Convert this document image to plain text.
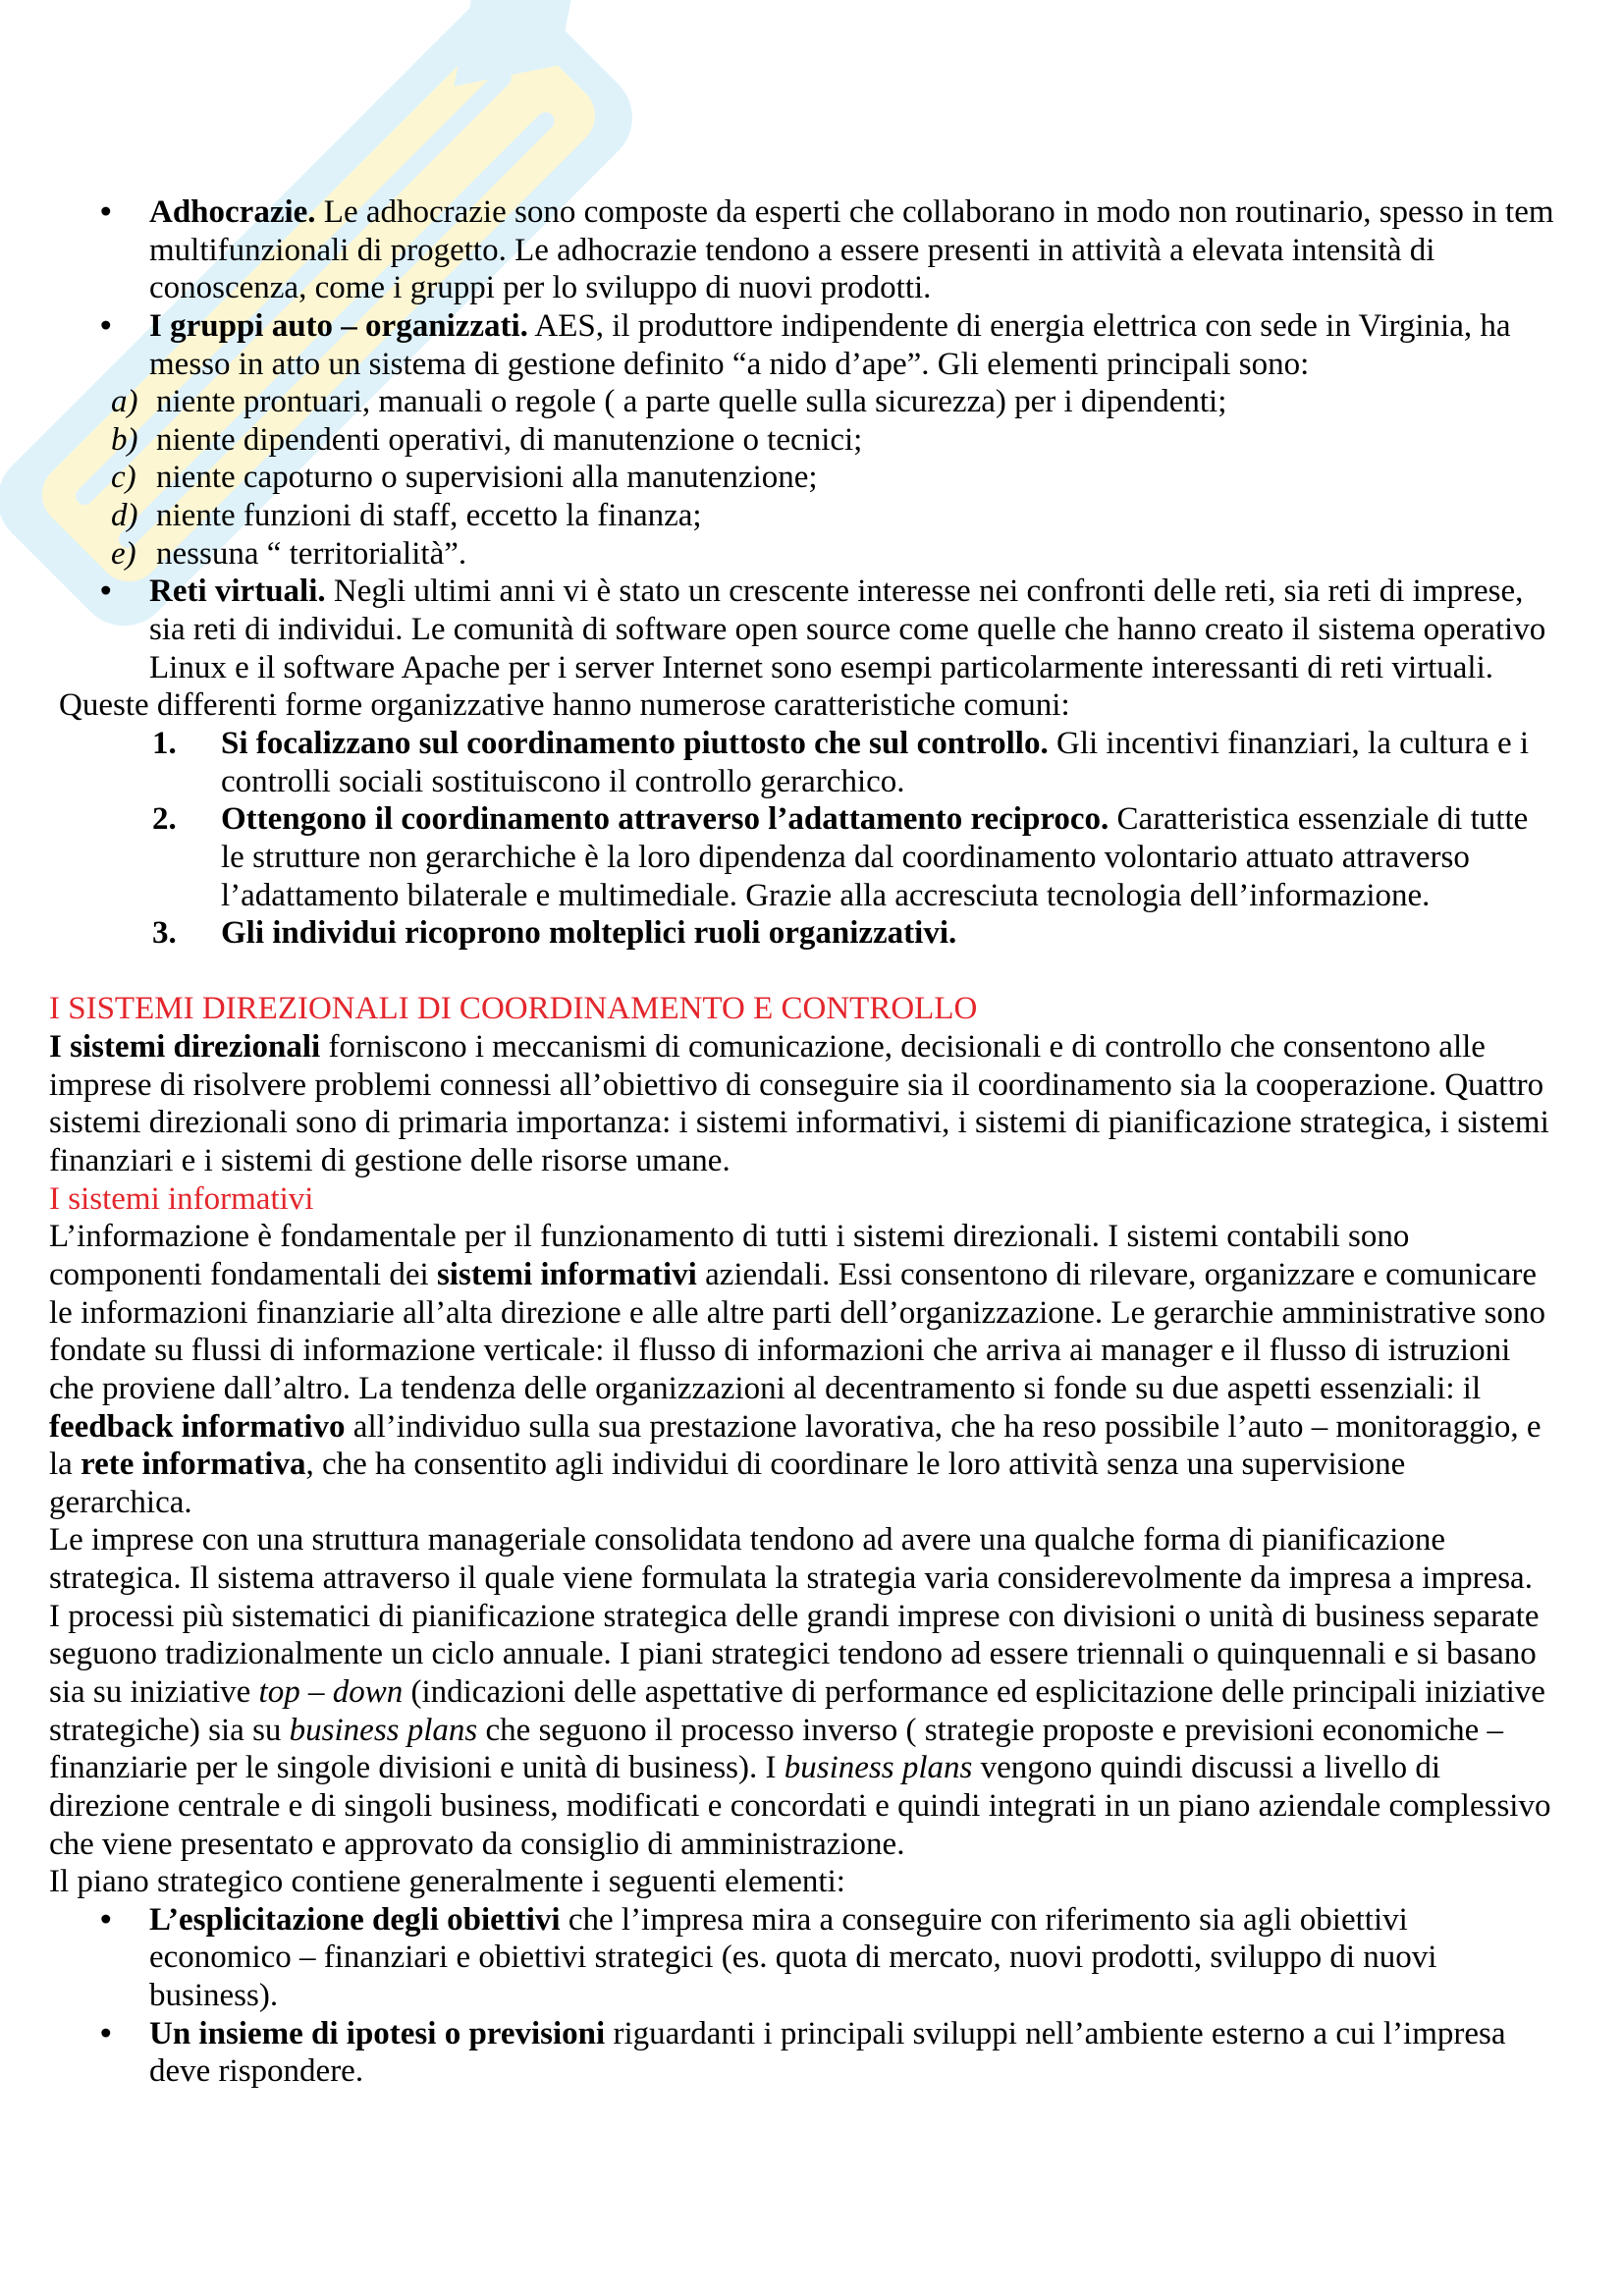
• Adhocrazie. Le adhocrazie sono composte da esperti che collaborano in modo non routinario, spesso in tem
multifunzionali di progetto. Le adhocrazie tendono a essere presenti in attività a elevata intensità di
conoscenza, come i gruppi per lo sviluppo di nuovi prodotti.
• I gruppi auto – organizzati. AES, il produttore indipendente di energia elettrica con sede in Virginia, ha
messo in atto un sistema di gestione definito “a nido d’ape”. Gli elementi principali sono:
a) niente prontuari, manuali o regole ( a parte quelle sulla sicurezza) per i dipendenti;
b) niente dipendenti operativi, di manutenzione o tecnici;
c) niente capoturno o supervisioni alla manutenzione;
d) niente funzioni di staff, eccetto la finanza;
e) nessuna “ territorialità”.
• Reti virtuali. Negli ultimi anni vi è stato un crescente interesse nei confronti delle reti, sia reti di imprese,
sia reti di individui. Le comunità di software open source come quelle che hanno creato il sistema operativo
Linux e il software Apache per i server Internet sono esempi particolarmente interessanti di reti virtuali.
Queste differenti forme organizzative hanno numerose caratteristiche comuni:
1. Si focalizzano sul coordinamento piuttosto che sul controllo. Gli incentivi finanziari, la cultura e i
controlli sociali sostituiscono il controllo gerarchico.
2. Ottengono il coordinamento attraverso l’adattamento reciproco. Caratteristica essenziale di tutte
le strutture non gerarchiche è la loro dipendenza dal coordinamento volontario attuato attraverso
l’adattamento bilaterale e multimediale. Grazie alla accresciuta tecnologia dell’informazione.
3. Gli individui ricoprono molteplici ruoli organizzativi.
I SISTEMI DIREZIONALI DI COORDINAMENTO E CONTROLLO
I sistemi direzionali forniscono i meccanismi di comunicazione, decisionali e di controllo che consentono alle
imprese di risolvere problemi connessi all’obiettivo di conseguire sia il coordinamento sia la cooperazione. Quattro
sistemi direzionali sono di primaria importanza: i sistemi informativi, i sistemi di pianificazione strategica, i sistemi
finanziari e i sistemi di gestione delle risorse umane.
I sistemi informativi
L’informazione è fondamentale per il funzionamento di tutti i sistemi direzionali. I sistemi contabili sono
componenti fondamentali dei sistemi informativi aziendali. Essi consentono di rilevare, organizzare e comunicare
le informazioni finanziarie all’alta direzione e alle altre parti dell’organizzazione. Le gerarchie amministrative sono
fondate su flussi di informazione verticale: il flusso di informazioni che arriva ai manager e il flusso di istruzioni
che proviene dall’altro. La tendenza delle organizzazioni al decentramento si fonde su due aspetti essenziali: il
feedback informativo all’individuo sulla sua prestazione lavorativa, che ha reso possibile l’auto – monitoraggio, e
la rete informativa, che ha consentito agli individui di coordinare le loro attività senza una supervisione
gerarchica.
Le imprese con una struttura manageriale consolidata tendono ad avere una qualche forma di pianificazione
strategica. Il sistema attraverso il quale viene formulata la strategia varia considerevolmente da impresa a impresa.
I processi più sistematici di pianificazione strategica delle grandi imprese con divisioni o unità di business separate
seguono tradizionalmente un ciclo annuale. I piani strategici tendono ad essere triennali o quinquennali e si basano
sia su iniziative top – down (indicazioni delle aspettative di performance ed esplicitazione delle principali iniziative
strategiche) sia su business plans che seguono il processo inverso ( strategie proposte e previsioni economiche –
finanziarie per le singole divisioni e unità di business). I business plans vengono quindi discussi a livello di
direzione centrale e di singoli business, modificati e concordati e quindi integrati in un piano aziendale complessivo
che viene presentato e approvato da consiglio di amministrazione.
Il piano strategico contiene generalmente i seguenti elementi:
• L’esplicitazione degli obiettivi che l’impresa mira a conseguire con riferimento sia agli obiettivi
economico – finanziari e obiettivi strategici (es. quota di mercato, nuovi prodotti, sviluppo di nuovi
business).
• Un insieme di ipotesi o previsioni riguardanti i principali sviluppi nell’ambiente esterno a cui l’impresa
deve rispondere.
